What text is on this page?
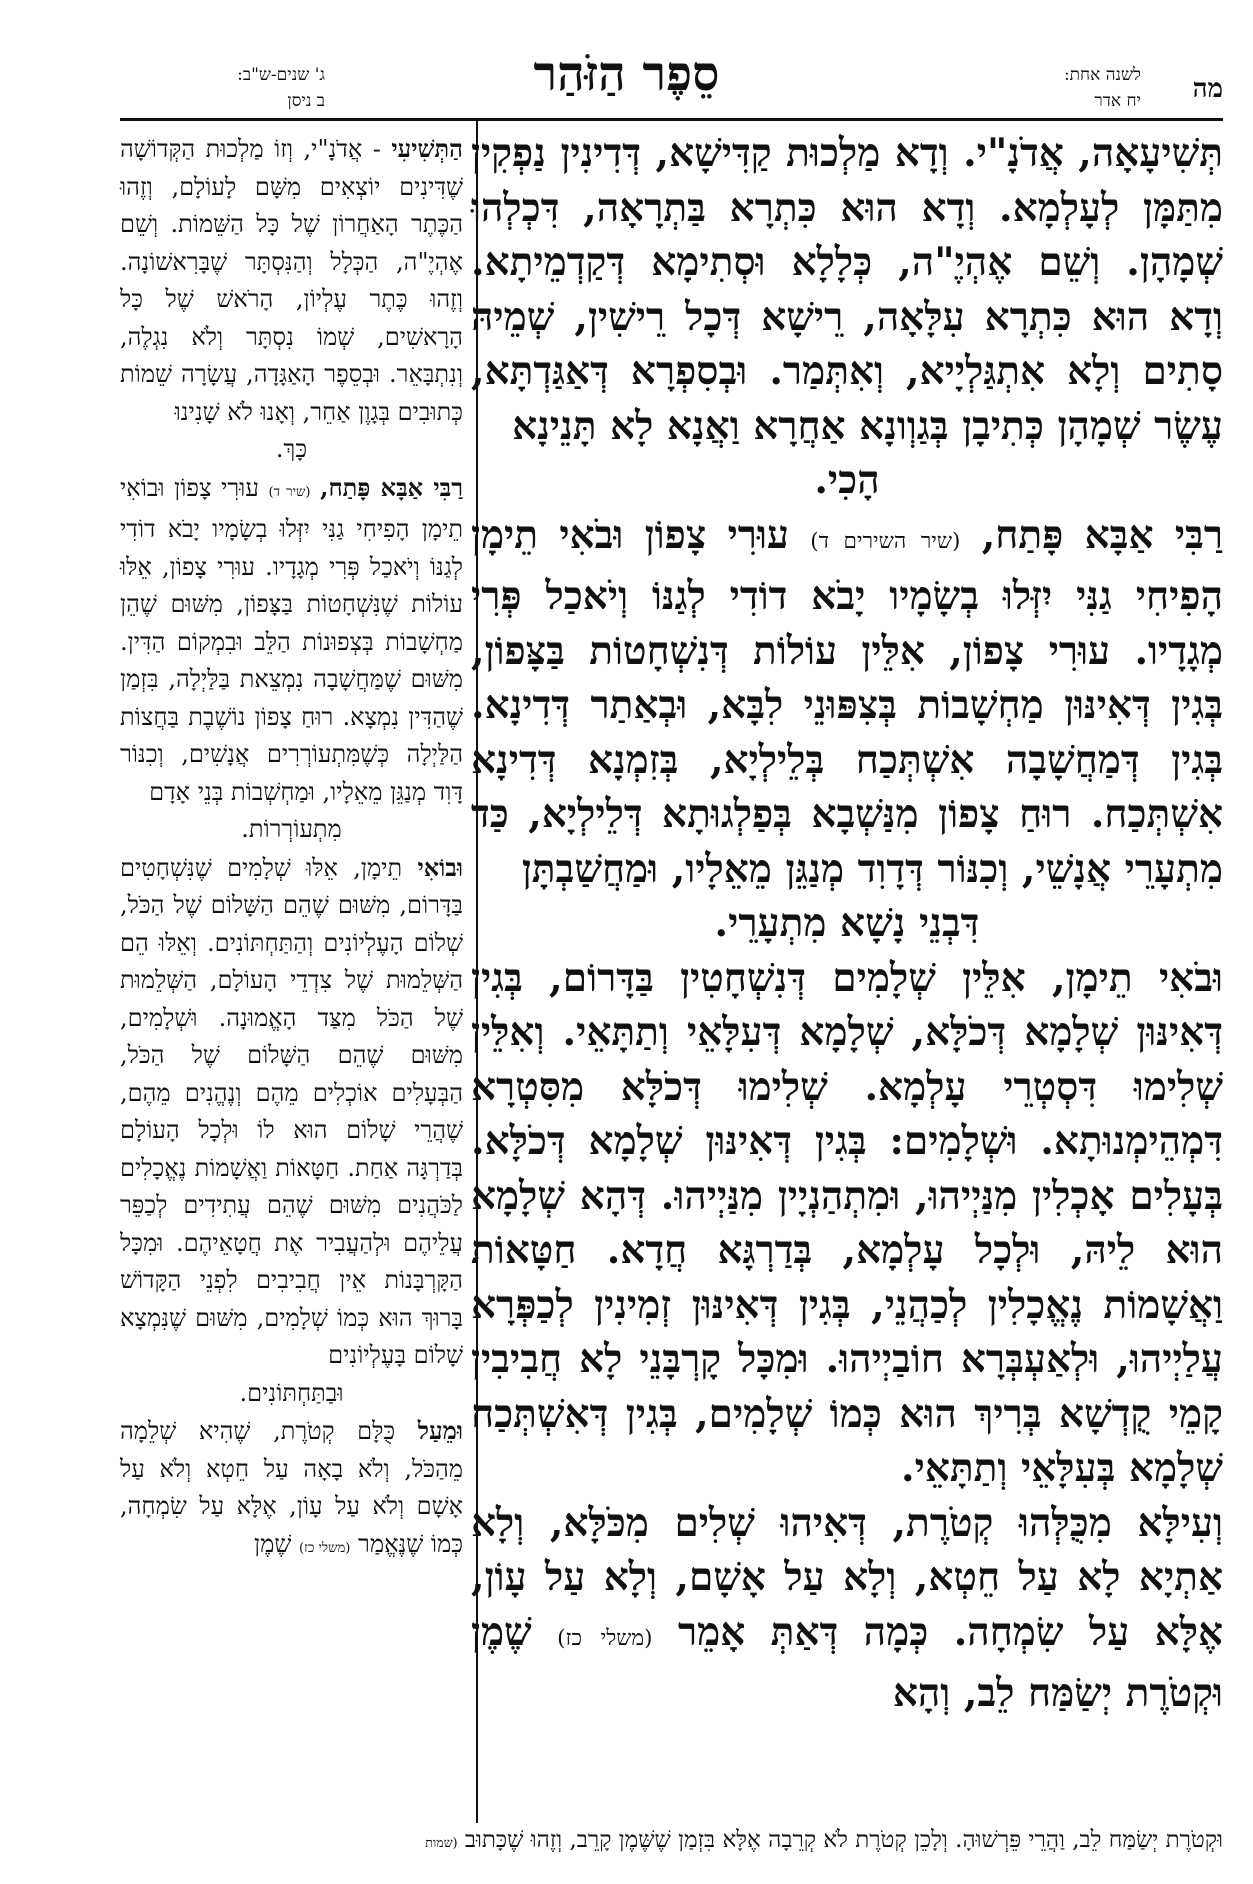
מה
לשנה אחת:
יח אדר
סֵפֶר הַזֹּהַר
ג' שנים-ש"ב:
ב ניסן

תְּשִׁיעָאָה, אֲדֹנָ"י. וְדָא מַלְכוּת קַדִּישָׁא, דְּדִינִין נַפְקִין מִתַּמָּן לְעָלְמָא. וְדָא הוּא כִּתְרָא בַּתְרָאָה, דִּכְלְהוּ שְׁמָהָן. וְשֵׁם אֶהְיֶ"ה, כְּלָלָא וּסְתִימָא דְּקַדְמֵיתָא. וְדָא הוּא כִּתְרָא עִלָּאָה, רֵישָׁא דְּכָל רֵישִׁין, שְׁמֵיהּ סָתִים וְלָא אִתְגַּלְיָיא, וְאִתְּמַר. וּבְסִפְרָא דְּאַגַּדְתָּא, עֶשֶׂר שְׁמָהָן כְּתִיבָן בְּגַוְונָא אַחֲרָא וַאֲנָא לָא תָּנֵינָא

הָכִי.

רַבִּי אַבָּא פָּתַח, (שיר השירים ד) עוּרִי צָפוֹן וּבֹאִי תֵימָן הָפִיחִי גַנִּי יִזְּלוּ בְשָׂמָיו יָבֹא דוֹדִי לְגַנּוֹ וְיֹאכַל פְּרִי מְגָדָיו. עוּרִי צָפוֹן, אִלֵּין עוֹלוֹת דְּנִשְׁחָטוֹת בַּצָּפוֹן, בְּגִין דְּאִינּוּן מַחְשָׁבוֹת בְּצִפּוּנֵי לִבָּא, וּבְאַתַר דְּדִינָא. בְּגִין דְּמַחֲשָׁבָה אִשְׁתְּכַח בְּלֵילְיָא, בְּזִמְנָא דְּדִינָא אִשְׁתְּכַח. רוּחַ צָפוֹן מִנַּשְׁבָא בְּפַלְגוּתָא דְּלֵילְיָא, כַּד מִתְעָרֵי אֲנָשֵׁי, וְכִנּוֹר דְּדָוִד מְנַגֵּן מֵאֵלָיו, וּמַחֲשַׁבְתָּן

דִּבְנֵי נָשָׁא מִתְעָרֵי.

וּבֹאִי תֵימָן, אִלֵּין שְׁלָמִים דְּנִשְׁחָטִין בַּדָּרוֹם, בְּגִין דְּאִינּוּן שְׁלָמָא דְּכֹלָּא, שְׁלָמָא דְּעִלָּאֵי וְתַתָּאֵי. וְאִלֵּין שְׁלִימוּ דִּסְטְרֵי עָלְמָא. שְׁלִימוּ דְּכֹלָּא מִסִּטְרָא דִּמְהֵימְנוּתָא. וּשְׁלָמִים: בְּגִין דְּאִינּוּן שְׁלָמָא דְּכֹלָּא. בְּעָלִים אָכְלִין מִנַּיְיהוּ, וּמִתְהַנְיָין מִנַּיְיהוּ. דְּהָא שְׁלָמָא הוּא לֵיהּ, וּלְכָל עָלְמָא, בְּדַרְגָּא חֲדָא. חַטָּאוֹת וַאֲשָׁמוֹת נֶאֱכָלִין לְכַהֲנֵי, בְּגִין דְּאִינּוּן זְמִינִין לְכַפְּרָא עֲלַיְיהוּ, וּלְאַעְבְּרָא חוֹבַיְיהוּ. וּמִכָּל קָרְבָּנֵי לָא חֲבִיבִין קָמֵי קֻדְשָׁא בְּרִיךְ הוּא כְּמוֹ שְׁלָמִים, בְּגִין דְּאִשְׁתְּכַח שְׁלָמָא בְּעִלָּאֵי וְתַתָּאֵי.

וְעִילָּא מִכֻּלְּהוּ קְטֹרֶת, דְּאִיהוּ שְׁלִים מִכֹּלָּא, וְלָא אַתְיָא לָא עַל חֵטְא, וְלָא עַל אָשָׁם, וְלָא עַל עָוֹן, אֶלָּא עַל שִׂמְחָה. כְּמָה דְּאַתְּ אָמֵר (משלי כז) שֶׁמֶן וּקְטֹרֶת יְשַׂמַּח לֵב, וְהָא

הַתְּשִׁיעִי - אֲדֹנָ"י, וְזוֹ מַלְכוּת הַקְּדוֹשָׁה שֶׁדִּינִים יוֹצְאִים מִשָּׁם לָעוֹלָם, וְזֶהוּ הַכֶּתֶר הָאַחֲרוֹן שֶׁל כָּל הַשֵּׁמוֹת. וְשֵׁם אֶהְיֶ"ה, הַכְּלָל וְהַנִּסְתָּר שֶׁבָּרִאשׁוֹנָה. וְזֶהוּ כֶּתֶר עֶלְיוֹן, הָרֹאשׁ שֶׁל כָּל הָרָאשִׁים, שְׁמוֹ נִסְתָּר וְלֹא נִגְלֶה, וְנִתְבָּאֵר. וּבְסֵפֶר הָאַגָּדָה, עֲשָׂרָה שֵׁמוֹת כְּתוּבִים בְּגָוֶן אַחֵר, וְאָנוּ לֹא שָׁנִינוּ

כָּךְ.

רַבִּי אַבָּא פָּתַח, (שיר ד) עוּרִי צָפוֹן וּבוֹאִי תֵימָן הָפִיחִי גַנִּי יִזְּלוּ בְשָׂמָיו יָבֹא דוֹדִי לְגַנּוֹ וְיֹאכַל פְּרִי מְגָדָיו. עוּרִי צָפוֹן, אֵלּוּ עוֹלוֹת שֶׁנִּשְׁחָטוֹת בַּצָּפוֹן, מִשּׁוּם שֶׁהֵן מַחְשָׁבוֹת בְּצְפוּנוֹת הַלֵּב וּבִמְקוֹם הַדִּין. מִשּׁוּם שֶׁמַּחֲשָׁבָה נִמְצֵאת בַּלַּיְלָה, בִּזְמַן שֶׁהַדִּין נִמְצָא. רוּחַ צָפוֹן נוֹשֶׁבֶת בַּחֲצוֹת הַלַּיְלָה כְּשֶׁמִּתְעוֹרְרִים אֲנָשִׁים, וְכִנּוֹר דָּוִד מְנַגֵּן מֵאֵלָיו, וּמַחְשְׁבוֹת בְּנֵי אָדָם

מִתְעוֹרְרוֹת.

וּבוֹאִי תֵימָן, אֵלּוּ שְׁלָמִים שֶׁנִּשְׁחָטִים בַּדָּרוֹם, מִשּׁוּם שֶׁהֵם הַשָּׁלוֹם שֶׁל הַכֹּל, שְׁלוֹם הָעֶלְיוֹנִים וְהַתַּחְתּוֹנִים. וְאֵלּוּ הֵם הַשְּׁלֵמוּת שֶׁל צִדְדֵי הָעוֹלָם, הַשְּׁלֵמוּת שֶׁל הַכֹּל מִצַּד הָאֱמוּנָה. וּשְׁלָמִים, מִשּׁוּם שֶׁהֵם הַשָּׁלוֹם שֶׁל הַכֹּל, הַבְּעָלִים אוֹכְלִים מֵהֶם וְנֶהֱנִים מֵהֶם, שֶׁהֲרֵי שָׁלוֹם הוּא לוֹ וּלְכָל הָעוֹלָם בְּדַרְגָּה אַחַת. חַטָּאוֹת וַאֲשָׁמוֹת נֶאֱכָלִים לַכֹּהֲנִים מִשּׁוּם שֶׁהֵם עֲתִידִים לְכַפֵּר עֲלֵיהֶם וּלְהַעֲבִיר אֶת חֲטָאֵיהֶם. וּמִכָּל הַקָּרְבָּנוֹת אֵין חֲבִיבִים לִפְנֵי הַקָּדוֹשׁ בָּרוּךְ הוּא כְּמוֹ שְׁלָמִים, מִשּׁוּם שֶׁנִּמְצָא שָׁלוֹם בָּעֶלְיוֹנִים

וּבַתַּחְתּוֹנִים.

וּמֵעַל כֻּלָּם קְטֹרֶת, שֶׁהִיא שְׁלֵמָה מֵהַכֹּל, וְלֹא בָאָה עַל חֵטְא וְלֹא עַל אָשָׁם וְלֹא עַל עָוֹן, אֶלָּא עַל שִׂמְחָה, כְּמוֹ שֶׁנֶּאֱמַר (משלי כז) שֶׁמֶן

וּקְטֹרֶת יְשַׂמַּח לֵב, וַהֲרֵי פֵּרְשׁוּהָ. וְלָכֵן קְטֹרֶת לֹא קְרֵבָה אֶלָּא בִּזְמַן שֶׁשֶּׁמֶן קָרֵב, וְזֶהוּ שֶׁכָּתוּב (שמות
